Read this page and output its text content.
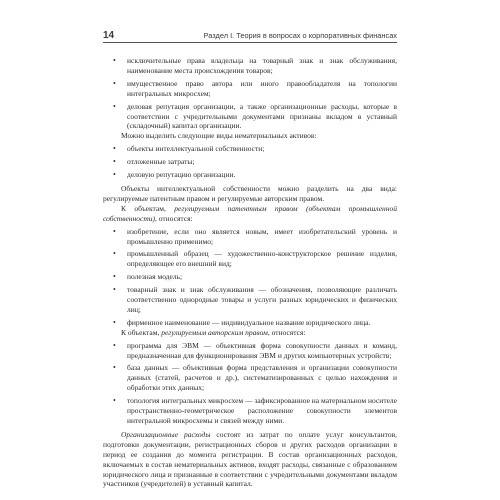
14	Раздел I. Теория в вопросах о корпоративных финансах
• исключительные права владельца на товарный знак и знак обслуживания, наименование места происхождения товаров;
• имущественное право автора или иного правообладателя на топологии интегральных микросхем;
• деловая репутация организации, а также организационные расходы, которые в соответствии с учредительными документами признаны вкладом в уставный (складочный) капитал организации.

Можно выделить следующие виды нематериальных активов:

• объекты интеллектуальной собственности;
• отложенные затраты;
• деловую репутацию организации.

Объекты интеллектуальной собственности можно разделить на два вида: регулируемые патентным правом и регулируемые авторским правом.

К объектам, регулируемым патентным правом (объектам промышленной собственности), относятся:

• изобретение, если оно является новым, имеет изобретательский уровень и промышленно применимо;
• промышленный образец — художественно-конструкторское решение изделия, определяющее его внешний вид;
• полезная модель;
• товарный знак и знак обслуживания — обозначения, позволяющие различать соответственно однородные товары и услуги разных юридических и физических лиц;
• фирменное наименование — индивидуальное название юридического лица.

К объектам, регулируемым авторским правом, относятся:

• программа для ЭВМ — объективная форма совокупности данных и команд, предназначенная для функционирования ЭВМ и других компьютерных устройств;
• база данных — объективная форма представления и организации совокупности данных (статей, расчетов и др.), систематизированных с целью нахождения и обработки этих данных;
• топология интегральных микросхем — зафиксированное на материальном носителе пространственно-геометрическое расположение совокупности элементов интегральной микросхемы и связей между ними.

Организационные расходы состоят из затрат по оплате услуг консультантов, подготовки документации, регистрационных сборов и других расходов организации в период ее создания до момента регистрации. В состав организационных расходов, включаемых в состав нематериальных активов, входят расходы, связанные с образованием юридического лица и признанные в соответствии с учредительными документами вкладом участников (учредителей) в уставный капитал.
